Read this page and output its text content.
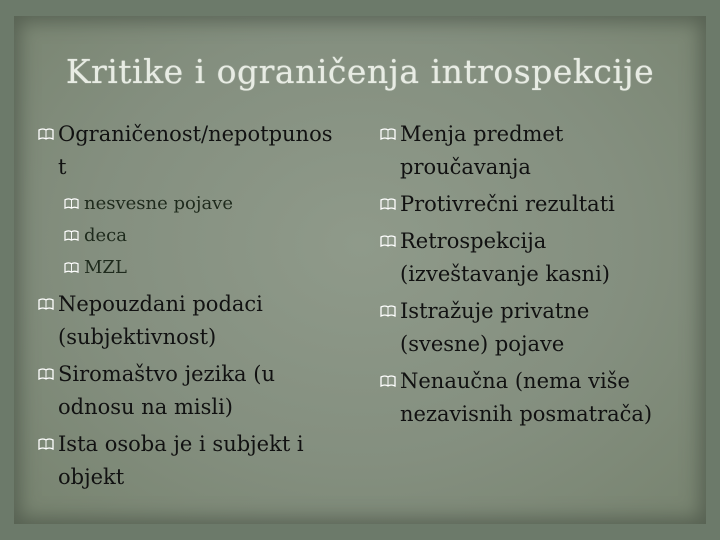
Kritike i ograničenja introspekcije
Ograničenost/nepotpunos
t
nesvesne pojave
deca
MZL
Nepouzdani podaci
(subjektivnost)
Siromaštvo jezika (u
odnosu na misli)
Ista osoba je i subjekt i
objekt
Menja predmet
proučavanja
Protivrečni rezultati
Retrospekcija
(izveštavanje kasni)
Istražuje privatne
(svesne) pojave
Nenaučna (nema više
nezavisnih posmatrača)
